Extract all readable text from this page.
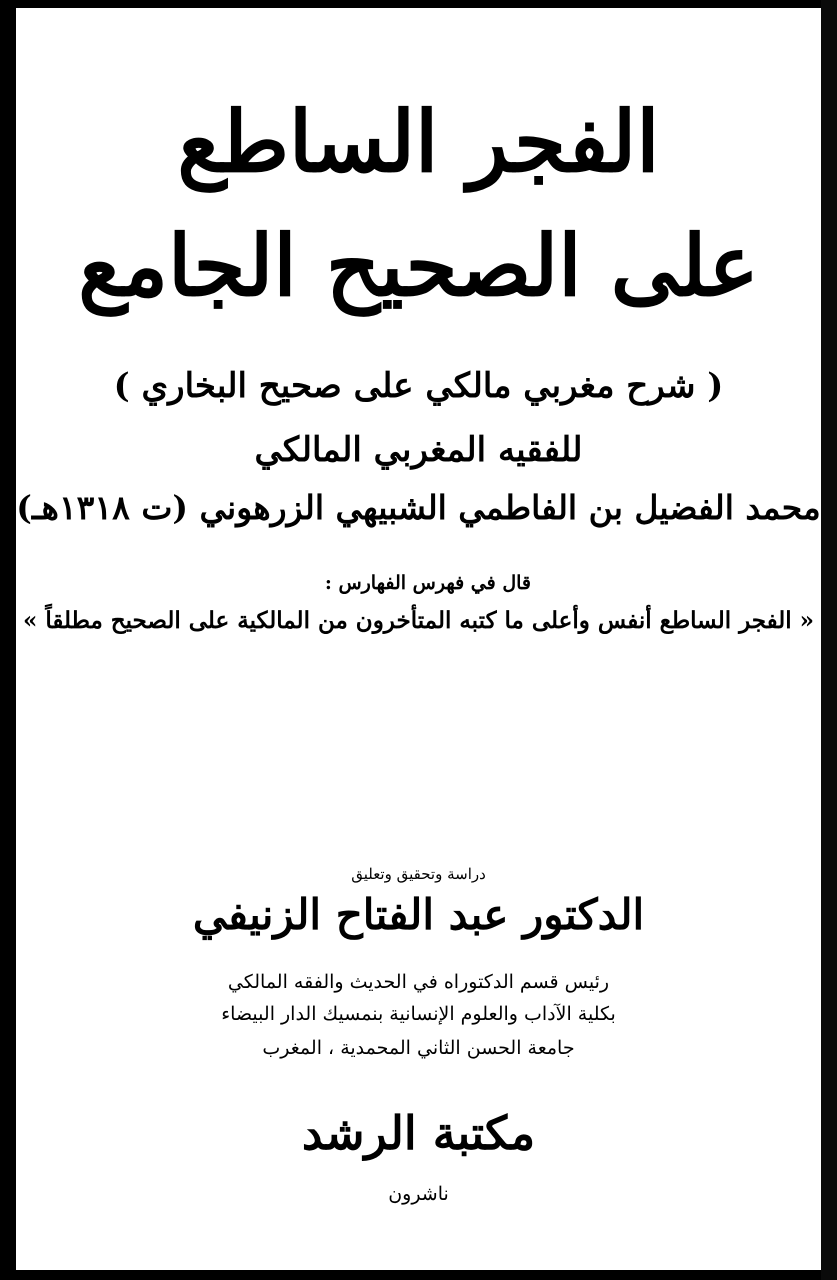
الفجر الساطع
على الصحيح الجامع
( شرح مغربي مالكي على صحيح البخاري )
للفقيه المغربي المالكي
محمد الفضيل بن الفاطمي الشبيهي الزرهوني (ت ١٣١٨هـ)
قال في فهرس الفهارس :
« الفجر الساطع أنفس وأعلى ما كتبه المتأخرون من المالكية على الصحيح مطلقاً »
دراسة وتحقيق وتعليق
الدكتور عبد الفتاح الزنيفي
رئيس قسم الدكتوراه في الحديث والفقه المالكي
بكلية الآداب والعلوم الإنسانية بنمسيك الدار البيضاء
جامعة الحسن الثاني المحمدية ، المغرب
مكتبة الرشد
ناشرون
